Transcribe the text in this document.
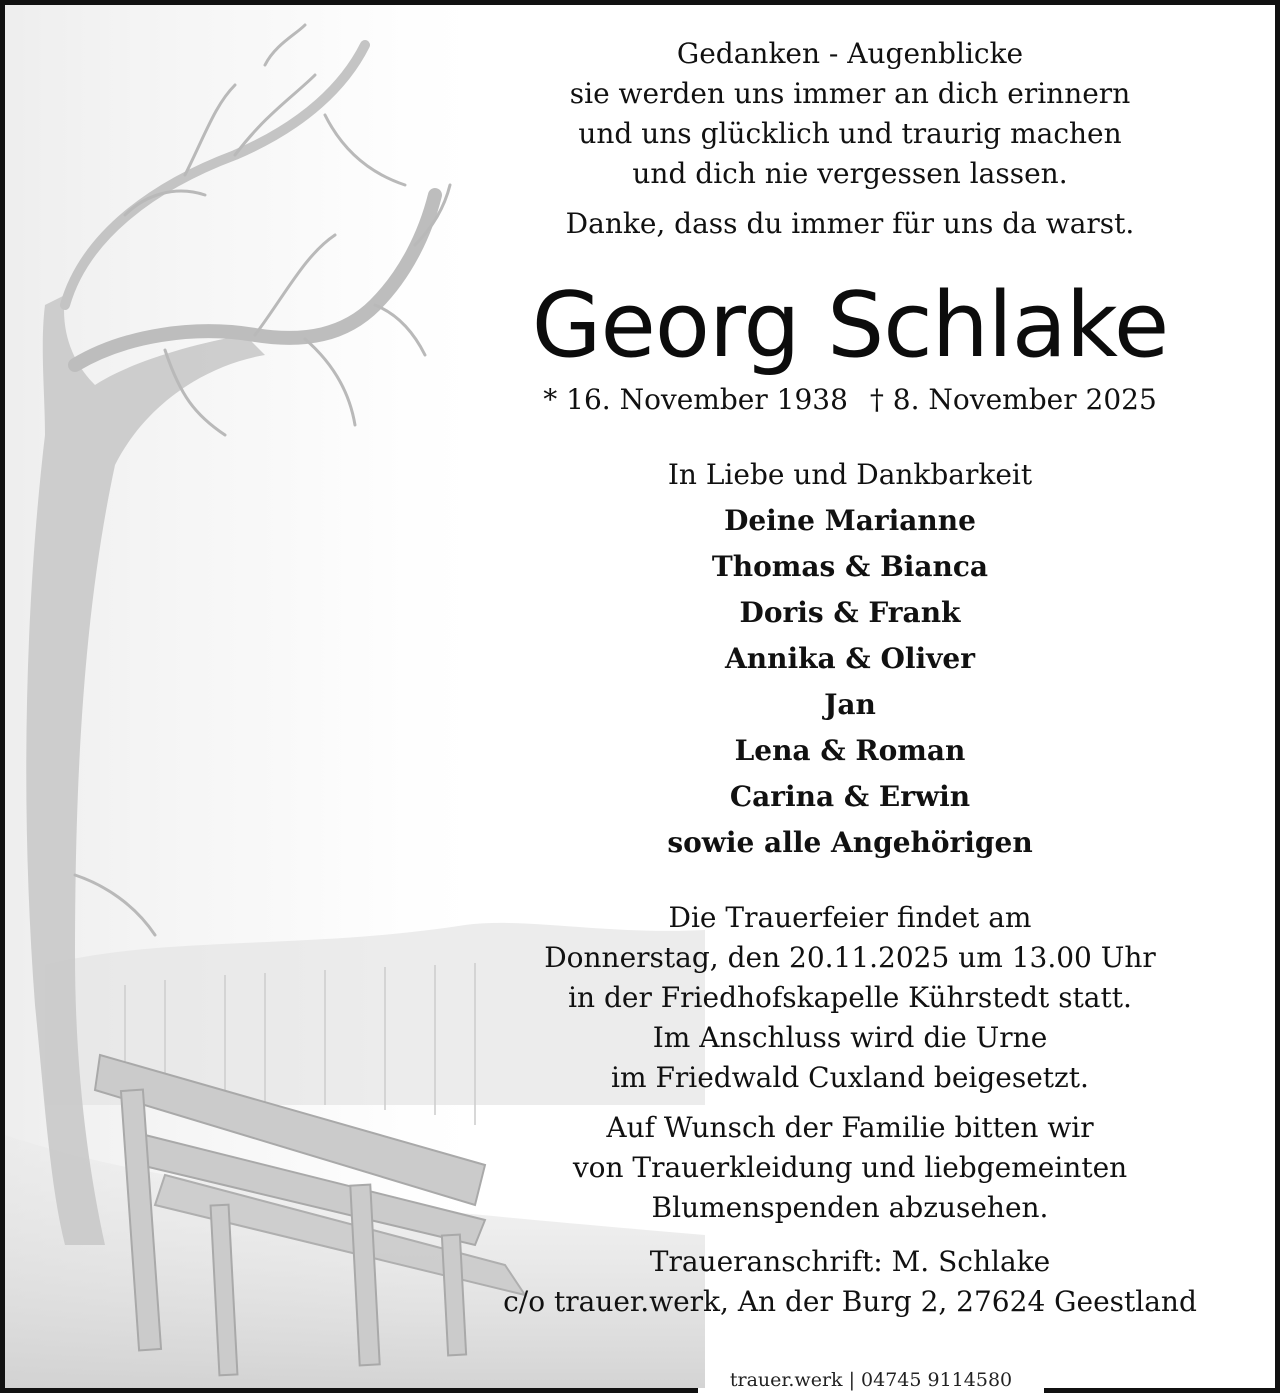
Gedanken - Augenblicke
sie werden uns immer an dich erinnern
und uns glücklich und traurig machen
und dich nie vergessen lassen.
Danke, dass du immer für uns da warst.
Georg Schlake
* 16. November 1938 † 8. November 2025
In Liebe und Dankbarkeit
Deine Marianne
Thomas & Bianca
Doris & Frank
Annika & Oliver
Jan
Lena & Roman
Carina & Erwin
sowie alle Angehörigen
Die Trauerfeier findet am
Donnerstag, den 20.11.2025 um 13.00 Uhr
in der Friedhofskapelle Kührstedt statt.
Im Anschluss wird die Urne
im Friedwald Cuxland beigesetzt.
Auf Wunsch der Familie bitten wir
von Trauerkleidung und liebgemeinten
Blumenspenden abzusehen.
Traueranschrift: M. Schlake
c/o trauer.werk, An der Burg 2, 27624 Geestland
trauer.werk | 04745 9114580
